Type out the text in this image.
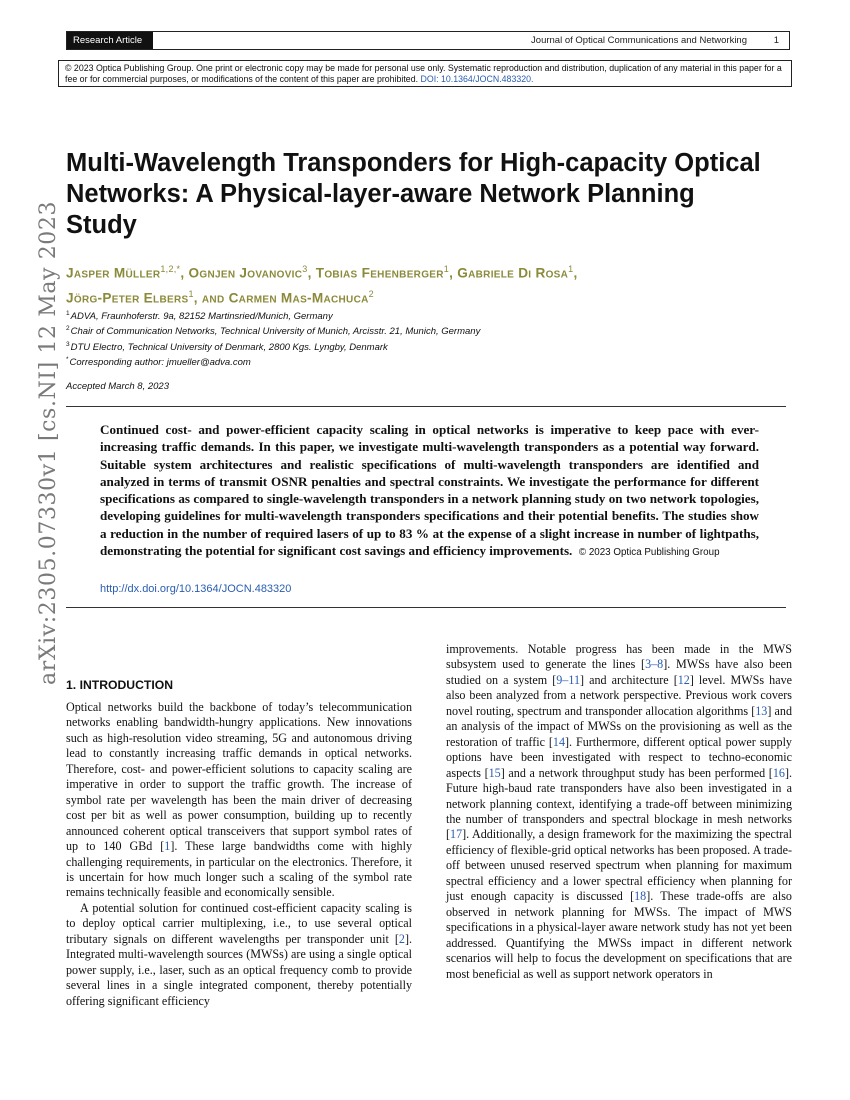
Research Article	Journal of Optical Communications and Networking	1
© 2023 Optica Publishing Group. One print or electronic copy may be made for personal use only. Systematic reproduction and distribution, duplication of any material in this paper for a fee or for commercial purposes, or modifications of the content of this paper are prohibited. DOI: 10.1364/JOCN.483320.
arXiv:2305.07330v1 [cs.NI] 12 May 2023
Multi-Wavelength Transponders for High-capacity Optical Networks: A Physical-layer-aware Network Planning Study
Jasper Müller$^{1,2,*}$, Ognjen Jovanovic$^3$, Tobias Fehenberger$^1$, Gabriele Di Rosa$^1$,
Jörg-Peter Elbers$^1$, and Carmen Mas-Machuca$^2$
$^1$ADVA, Fraunhoferstr. 9a, 82152 Martinsried/Munich, Germany
$^2$Chair of Communication Networks, Technical University of Munich, Arcisstr. 21, Munich, Germany
$^3$DTU Electro, Technical University of Denmark, 2800 Kgs. Lyngby, Denmark
*Corresponding author: jmueller@adva.com
Accepted March 8, 2023

Continued cost- and power-efficient capacity scaling in optical networks is imperative to keep pace with ever-increasing traffic demands. In this paper, we investigate multi-wavelength transponders as a potential way forward. Suitable system architectures and realistic specifications of multi-wavelength transponders are identified and analyzed in terms of transmit OSNR penalties and spectral constraints. We investigate the performance for different specifications as compared to single-wavelength transponders in a network planning study on two network topologies, developing guidelines for multi-wavelength transponders specifications and their potential benefits. The studies show a reduction in the number of required lasers of up to 83 % at the expense of a slight increase in number of lightpaths, demonstrating the potential for significant cost savings and efficiency improvements. © 2023 Optica Publishing Group

http://dx.doi.org/10.1364/JOCN.483320
1. INTRODUCTION

Optical networks build the backbone of today’s telecommunication networks enabling bandwidth-hungry applications. New innovations such as high-resolution video streaming, 5G and autonomous driving lead to constantly increasing traffic demands in optical networks. Therefore, cost- and power-efficient solutions to capacity scaling are imperative in order to support the traffic growth. The increase of symbol rate per wavelength has been the main driver of decreasing cost per bit as well as power consumption, building up to recently announced coherent optical transceivers that support symbol rates of up to 140 GBd [1]. These large bandwidths come with highly challenging requirements, in particular on the electronics. Therefore, it is uncertain for how much longer such a scaling of the symbol rate remains technically feasible and economically sensible.

A potential solution for continued cost-efficient capacity scaling is to deploy optical carrier multiplexing, i.e., to use several optical tributary signals on different wavelengths per transponder unit [2]. Integrated multi-wavelength sources (MWSs) are using a single optical power supply, i.e., laser, such as an optical frequency comb to provide several lines in a single integrated component, thereby potentially offering significant efficiency

improvements. Notable progress has been made in the MWS subsystem used to generate the lines [3–8]. MWSs have also been studied on a system [9–11] and architecture [12] level. MWSs have also been analyzed from a network perspective. Previous work covers novel routing, spectrum and transponder allocation algorithms [13] and an analysis of the impact of MWSs on the provisioning as well as the restoration of traffic [14]. Furthermore, different optical power supply options have been investigated with respect to techno-economic aspects [15] and a network throughput study has been performed [16]. Future high-baud rate transponders have also been investigated in a network planning context, identifying a trade-off between minimizing the number of transponders and spectral blockage in mesh networks [17]. Additionally, a design framework for the maximizing the spectral efficiency of flexible-grid optical networks has been proposed. A trade-off between unused reserved spectrum when planning for maximum spectral efficiency and a lower spectral efficiency when planning for just enough capacity is discussed [18]. These trade-offs are also observed in network planning for MWSs. The impact of MWS specifications in a physical-layer aware network study has not yet been addressed. Quantifying the MWSs impact in different network scenarios will help to focus the development on specifications that are most beneficial as well as support network operators in
